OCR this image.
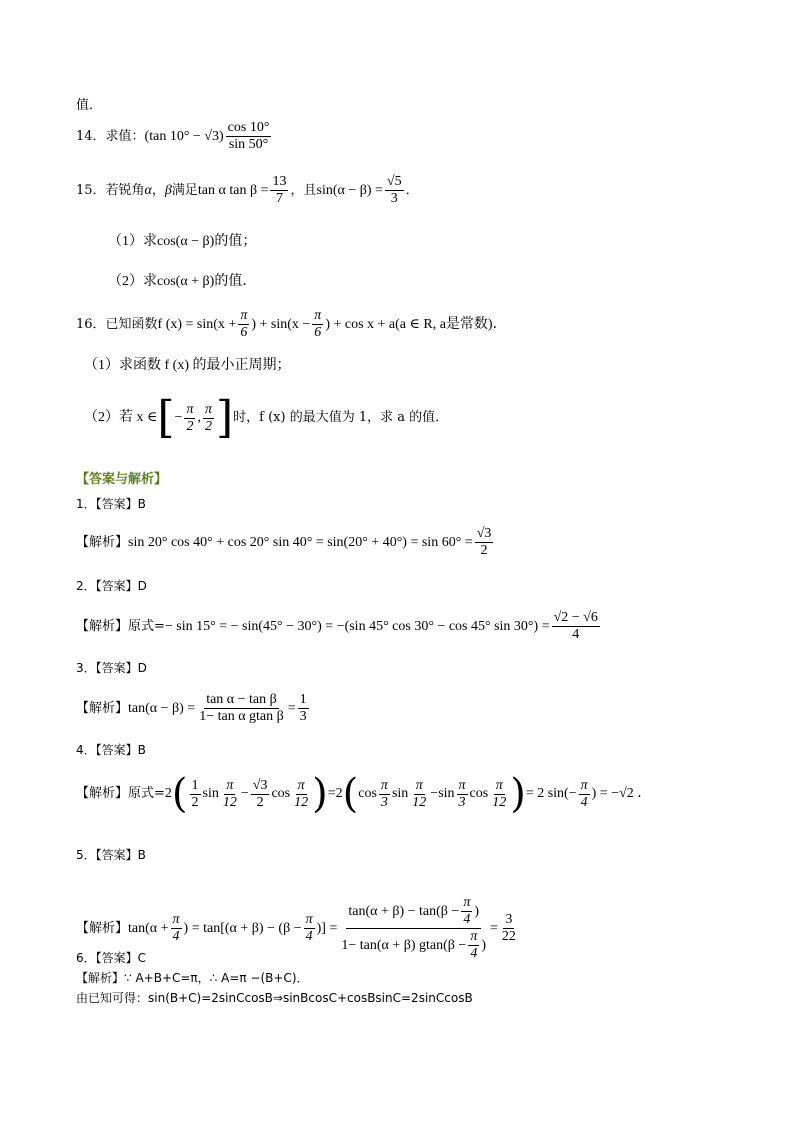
值．
14．求值： (tan $10^\circ - √3) \frac{\cos 10^\circ}{\sin 50^\circ}$
15．若锐角 α ， β 满足 tan α $\tan \beta = \frac{13}{7}$ ，且 $\sin(\alpha - \beta) = \frac{√5}{3}$ ．
（1）求cos(α − β)的值；
（2）求cos(α + β)的值．
16．已知函数 f $(x) = \sin(x + \frac{\pi}{6}$ ) + $\sin(x - \frac{\pi}{6}$ ) + cos x + a(a ∈ R, a是常数)．
（1）求函数 f (x) 的最小正周期；
（2）若 x ∈ [ − $\frac{\pi}{2}$ , $\frac{\pi}{2}$ ] 时，f (x) 的最大值为 1，求 a 的值．
【答案与解析】
1．【答案】B
【解析】 sin 20° cos 40° + cos 20° $\sin 40^\circ = \sin(20^\circ + 40^\circ) = \sin 60^\circ = \frac{√3}{2}$
2．【答案】D
【解析】原式= − sin 15° = − sin(45° − 30°) = −(sin 45° cos 30° − cos 45° $\sin 30^\circ) = \frac{√2 - √6}{4}$
3．【答案】D
【解析】 $\tan(\alpha - \beta) = \frac{\text{tan α − tan β}}{\text{1− tan α gtan β}} = \frac{1}{3}$
4．【答案】B
【解析】原式= 2 ( $\frac{1}{2}$ $\sin \frac{\pi}{12} - \frac{√3}{2}$ $\cos \frac{\pi}{12}$ ) = 2 ( $\cos \frac{\pi}{3}$ $\sin \frac{\pi}{12} - \sin \frac{\pi}{3}$ $\cos \frac{\pi}{12}$ ) = 2 $\sin(- \frac{\pi}{4}$ ) = −√2 ．
5．【答案】B
【解析】 $\tan(\alpha + \frac{\pi}{4}$ ) = $\tan[(\alpha + \beta) - (\beta - \frac{\pi}{4}$ )] = $\frac{\tan(\alpha + \beta) - \tan(\beta - \frac{\pi}{4} )}{1- \tan(\alpha + \beta) gtan(\beta - \frac{\pi}{4} )} = \frac{3}{22}$
6．【答案】C
【解析】∵ A+B+C=π，∴ A=π −(B+C)．
由已知可得：sin(B+C)=2sinCcosB⇒sinBcosC+cosBsinC=2sinCcosB
